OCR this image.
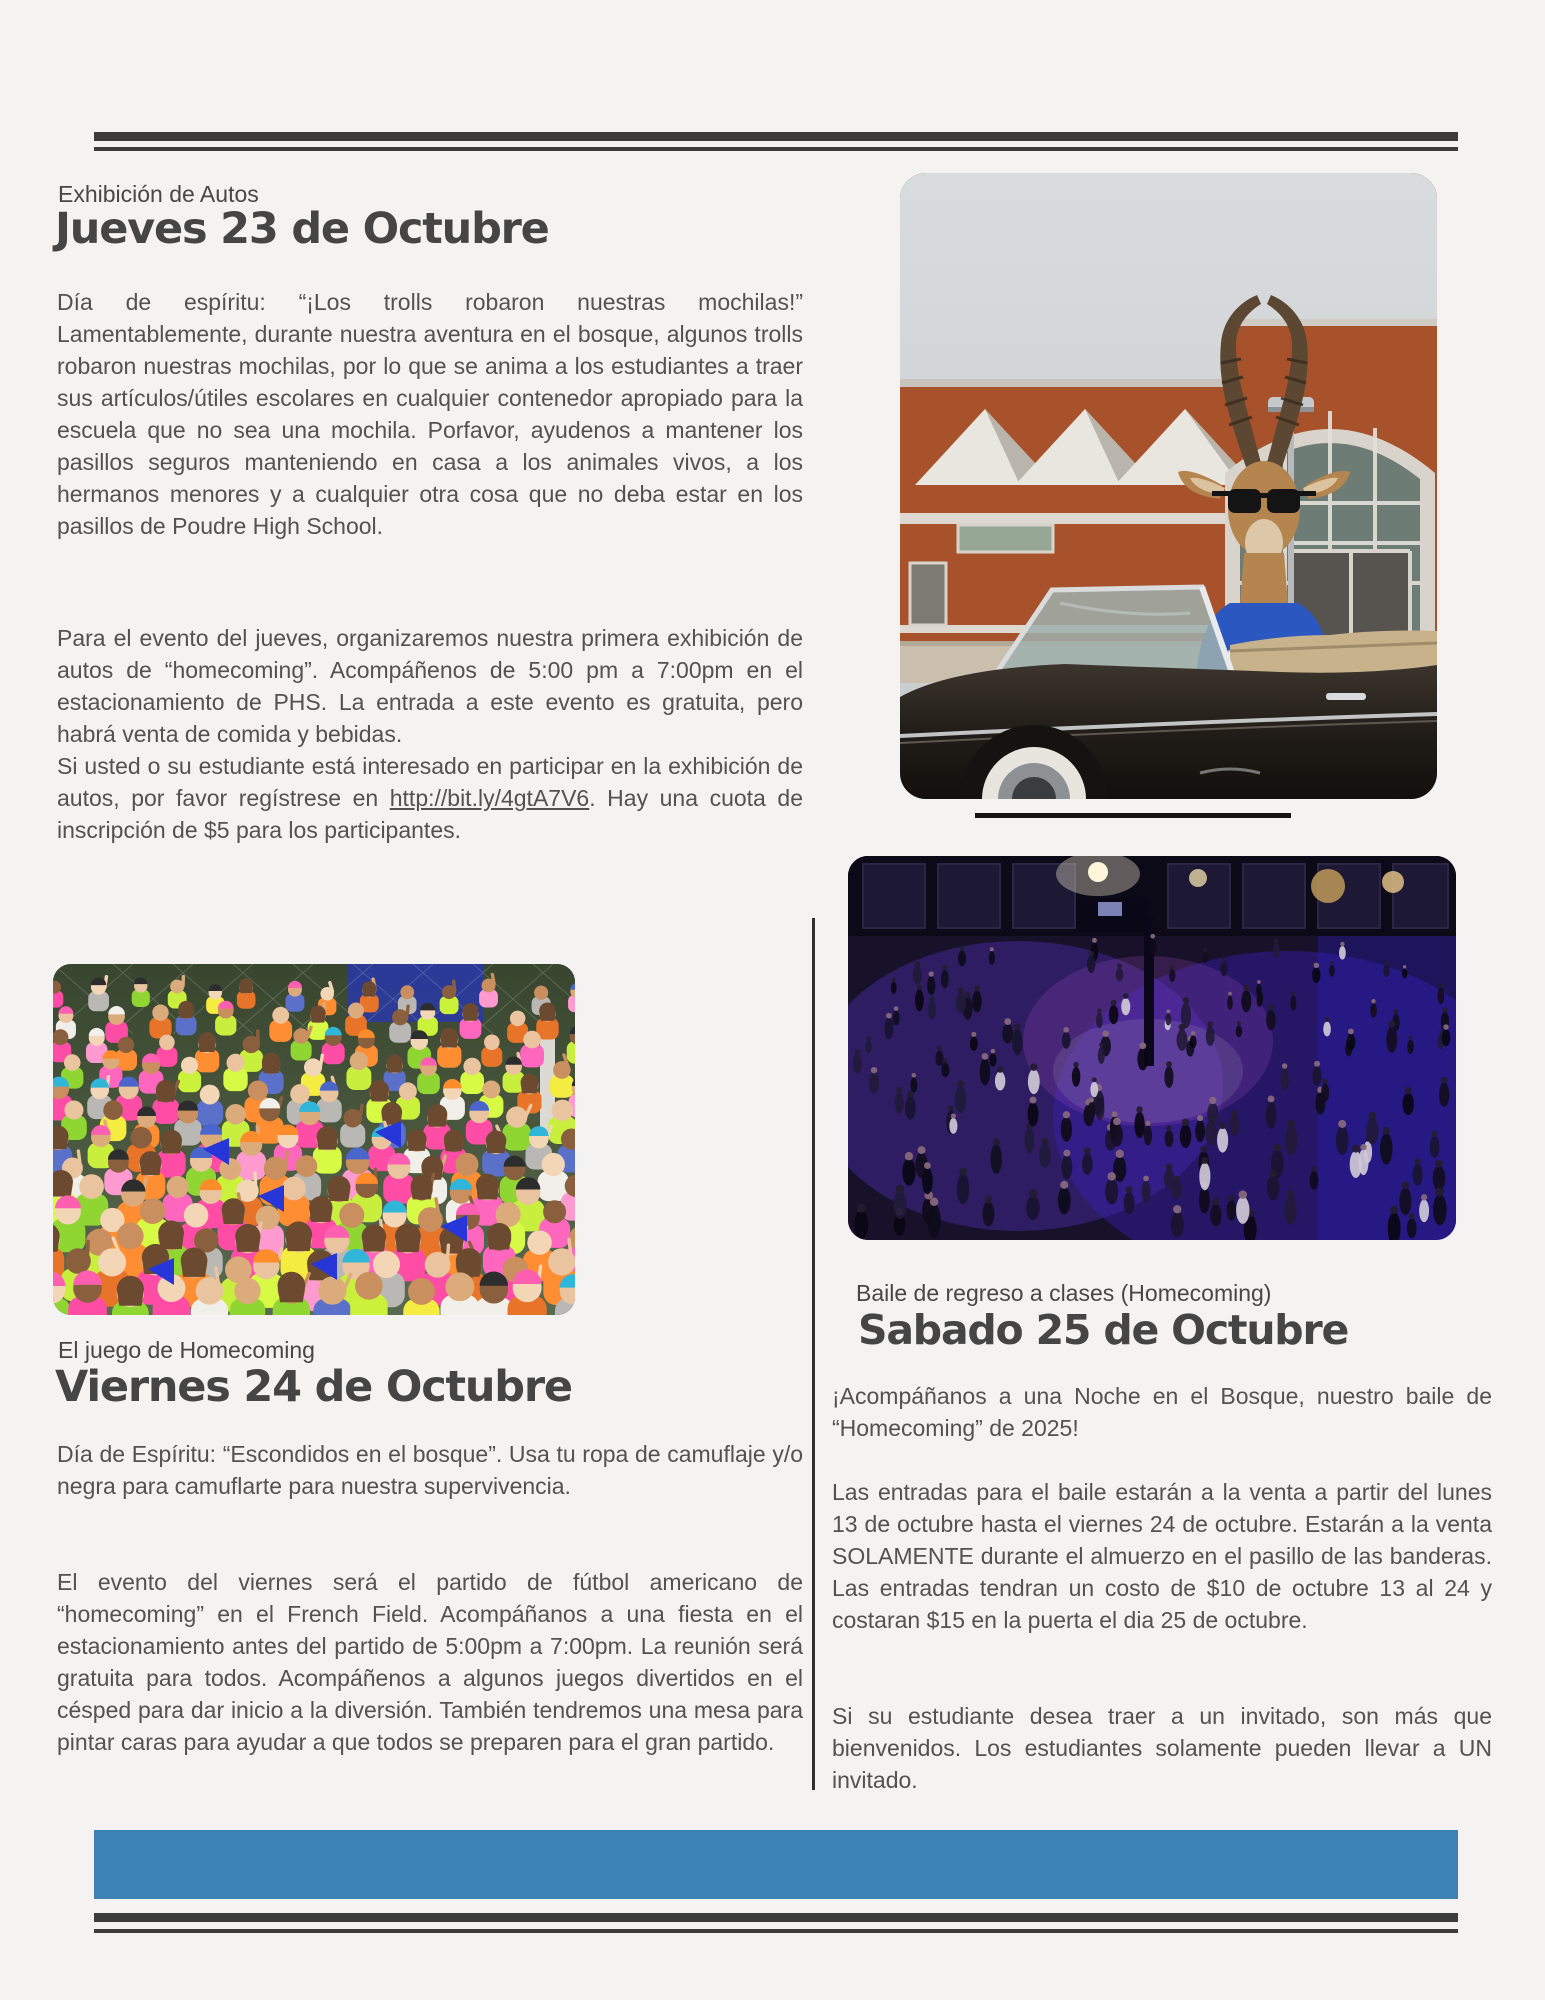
Exhibición de Autos
Jueves 23 de Octubre
Día de espíritu: “¡Los trolls robaron nuestras mochilas!” Lamentablemente, durante nuestra aventura en el bosque, algunos trolls robaron nuestras mochilas, por lo que se anima a los estudiantes a traer sus artículos/útiles escolares en cualquier contenedor apropiado para la escuela que no sea una mochila. Porfavor, ayudenos a mantener los pasillos seguros manteniendo en casa a los animales vivos, a los hermanos menores y a cualquier otra cosa que no deba estar en los pasillos de Poudre High School.
Para el evento del jueves, organizaremos nuestra primera exhibición de autos de “homecoming”. Acompáñenos de 5:00 pm a 7:00pm en el estacionamiento de PHS. La entrada a este evento es gratuita, pero habrá venta de comida y bebidas.
Si usted o su estudiante está interesado en participar en la exhibición de autos, por favor regístrese en http://bit.ly/4gtA7V6. Hay una cuota de inscripción de $5 para los participantes.
El juego de Homecoming
Viernes 24 de Octubre
Día de Espíritu: “Escondidos en el bosque”. Usa tu ropa de camuflaje y/o negra para camuflarte para nuestra supervivencia.
El evento del viernes será el partido de fútbol americano de “homecoming” en el French Field. Acompáñanos a una fiesta en el estacionamiento antes del partido de 5:00pm a 7:00pm. La reunión será gratuita para todos. Acompáñenos a algunos juegos divertidos en el césped para dar inicio a la diversión. También tendremos una mesa para pintar caras para ayudar a que todos se preparen para el gran partido.
Baile de regreso a clases (Homecoming)
Sabado 25 de Octubre
¡Acompáñanos a una Noche en el Bosque, nuestro baile de “Homecoming” de 2025!
Las entradas para el baile estarán a la venta a partir del lunes 13 de octubre hasta el viernes 24 de octubre. Estarán a la venta SOLAMENTE durante el almuerzo en el pasillo de las banderas. Las entradas tendran un costo de $10 de octubre 13 al 24 y costaran $15 en la puerta el dia 25 de octubre.
Si su estudiante desea traer a un invitado, son más que bienvenidos. Los estudiantes solamente pueden llevar a UN invitado.
